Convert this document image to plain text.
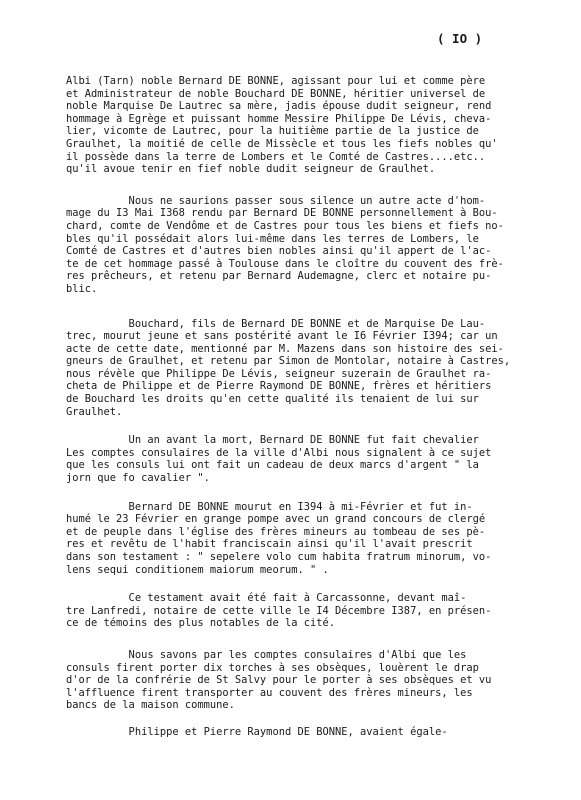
( IO )
Albi (Tarn) noble Bernard DE BONNE, agissant pour lui et comme père
et Administrateur de noble Bouchard DE BONNE, héritier universel de
noble Marquise De Lautrec sa mère, jadis épouse dudit seigneur, rend
hommage à Egrège et puissant homme Messire Philippe De Lévis, cheva-
lier, vicomte de Lautrec, pour la huitième partie de la justice de
Graulhet, la moitié de celle de Missècle et tous les fiefs nobles qu'
il possède dans la terre de Lombers et le Comté de Castres....etc..
qu'il avoue tenir en fief noble dudit seigneur de Graulhet.
Nous ne saurions passer sous silence un autre acte d'hom-
mage du I3 Mai I368 rendu par Bernard DE BONNE personnellement à Bou-
chard, comte de Vendôme et de Castres pour tous les biens et fiefs no-
bles qu'il possédait alors lui-même dans les terres de Lombers, le
Comté de Castres et d'autres bien nobles ainsi qu'il appert de l'ac-
te de cet hommage passé à Toulouse dans le cloître du couvent des frè-
res prêcheurs, et retenu par Bernard Audemagne, clerc et notaire pu-
blic.
Bouchard, fils de Bernard DE BONNE et de Marquise De Lau-
trec, mourut jeune et sans postérité avant le I6 Février I394; car un
acte de cette date, mentionné par M. Mazens dans son histoire des sei-
gneurs de Graulhet, et retenu par Simon de Montolar, notaire à Castres,
nous révèle que Philippe De Lévis, seigneur suzerain de Graulhet ra-
cheta de Philippe et de Pierre Raymond DE BONNE, frères et héritiers
de Bouchard les droits qu'en cette qualité ils tenaient de lui sur
Graulhet.
Un an avant la mort, Bernard DE BONNE fut fait chevalier
Les comptes consulaires de la ville d'Albi nous signalent à ce sujet
que les consuls lui ont fait un cadeau de deux marcs d'argent " la
jorn que fo cavalier ".
Bernard DE BONNE mourut en I394 à mi-Février et fut in-
humé le 23 Février en grange pompe avec un grand concours de clergé
et de peuple dans l'église des frères mineurs au tombeau de ses pè-
res et revêtu de l'habit franciscain ainsi qu'il l'avait prescrit
dans son testament : " sepelere volo cum habita fratrum minorum, vo-
lens sequi conditionem maiorum meorum. " .
Ce testament avait été fait à Carcassonne, devant maî-
tre Lanfredi, notaire de cette ville le I4 Décembre I387, en présen-
ce de témoins des plus notables de la cité.
Nous savons par les comptes consulaires d'Albi que les
consuls firent porter dix torches à ses obsèques, louèrent le drap
d'or de la confrérie de St Salvy pour le porter à ses obsèques et vu
l'affluence firent transporter au couvent des frères mineurs, les
bancs de la maison commune.
Philippe et Pierre Raymond DE BONNE, avaient égale-
